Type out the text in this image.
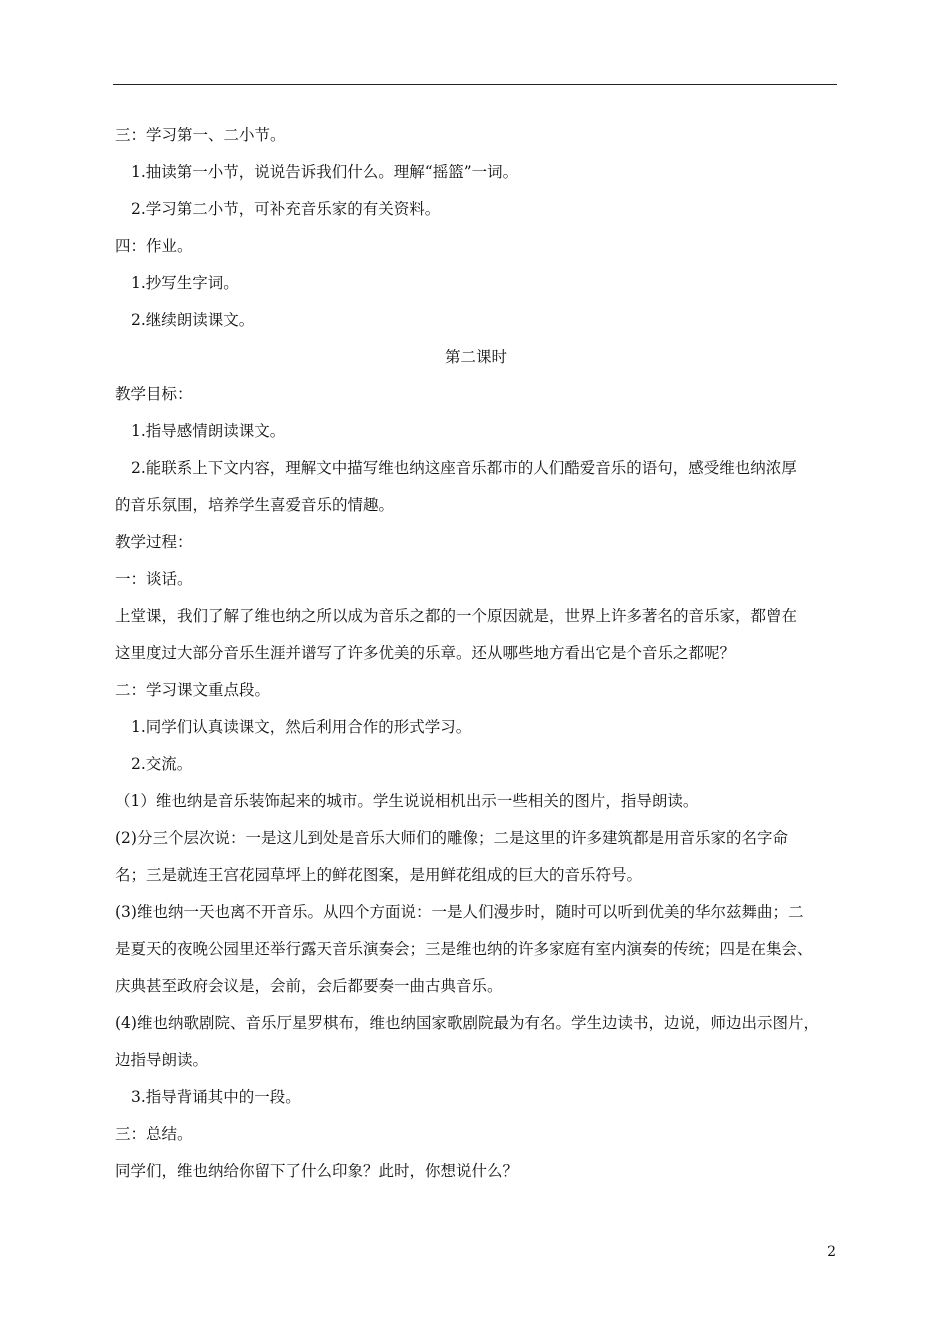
三：学习第一、二小节。
1.抽读第一小节，说说告诉我们什么。理解“摇篮”一词。
2.学习第二小节，可补充音乐家的有关资料。
四：作业。
1.抄写生字词。
2.继续朗读课文。
第二课时
教学目标：
1.指导感情朗读课文。
2.能联系上下文内容，理解文中描写维也纳这座音乐都市的人们酷爱音乐的语句，感受维也纳浓厚
的音乐氛围，培养学生喜爱音乐的情趣。
教学过程：
一：谈话。
上堂课，我们了解了维也纳之所以成为音乐之都的一个原因就是，世界上许多著名的音乐家，都曾在
这里度过大部分音乐生涯并谱写了许多优美的乐章。还从哪些地方看出它是个音乐之都呢？
二：学习课文重点段。
1.同学们认真读课文，然后利用合作的形式学习。
2.交流。
（1）维也纳是音乐装饰起来的城市。学生说说相机出示一些相关的图片，指导朗读。
(2)分三个层次说：一是这儿到处是音乐大师们的雕像；二是这里的许多建筑都是用音乐家的名字命
名；三是就连王宫花园草坪上的鲜花图案，是用鲜花组成的巨大的音乐符号。
(3)维也纳一天也离不开音乐。从四个方面说：一是人们漫步时，随时可以听到优美的华尔兹舞曲；二
是夏天的夜晚公园里还举行露天音乐演奏会；三是维也纳的许多家庭有室内演奏的传统；四是在集会、
庆典甚至政府会议是，会前，会后都要奏一曲古典音乐。
(4)维也纳歌剧院、音乐厅星罗棋布，维也纳国家歌剧院最为有名。学生边读书，边说，师边出示图片，
边指导朗读。
3.指导背诵其中的一段。
三：总结。
同学们，维也纳给你留下了什么印象？此时，你想说什么？
2
